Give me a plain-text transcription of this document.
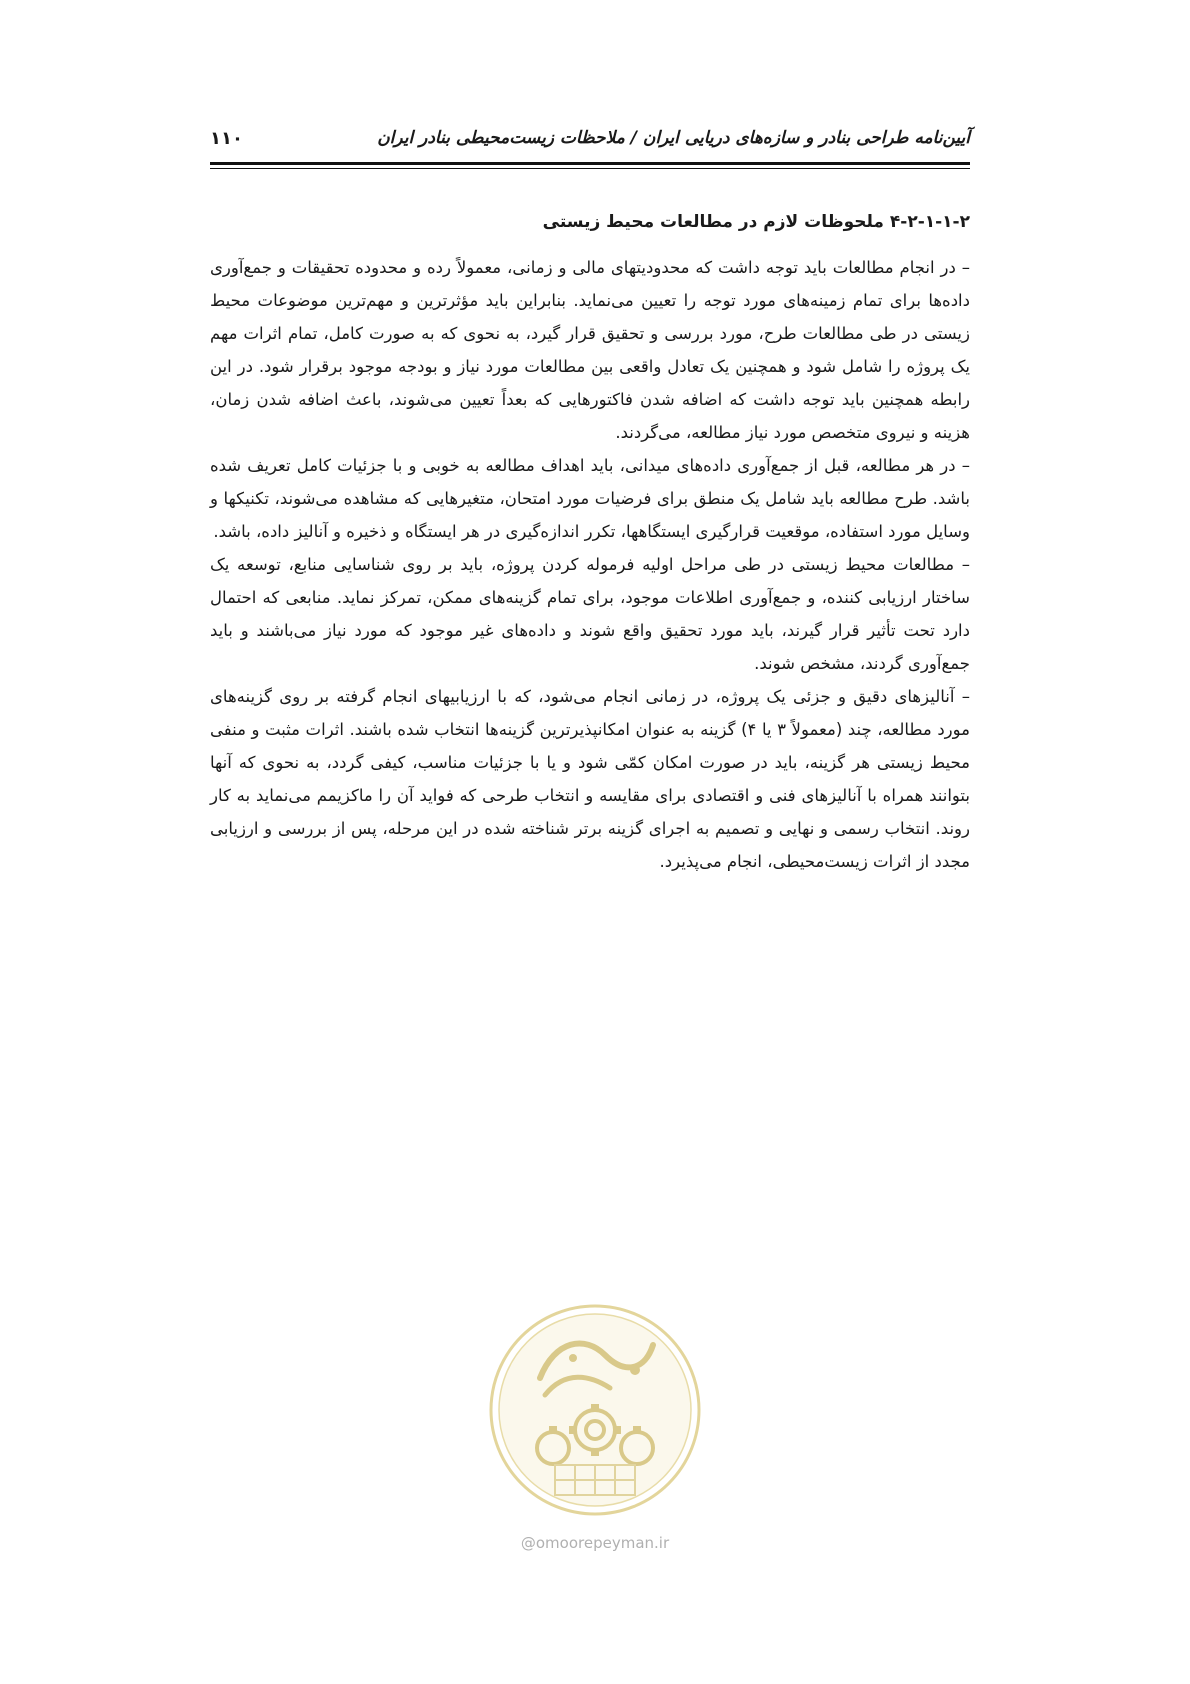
آیین‌نامه طراحی بنادر و سازه‌های دریایی ایران / ملاحظات زیست‌محیطی بنادر ایران
۱۱۰
۴-۲-۱-۱-۲ ملحوظات لازم در مطالعات محیط زیستی

– در انجام مطالعات باید توجه داشت که محدودیتهای مالی و زمانی، معمولاً رده و محدوده تحقیقات و جمع‌آوری داده‌ها برای تمام زمینه‌های مورد توجه را تعیین می‌نماید. بنابراین باید مؤثرترین و مهم‌ترین موضوعات محیط زیستی در طی مطالعات طرح، مورد بررسی و تحقیق قرار گیرد، به نحوی که به صورت کامل، تمام اثرات مهم یک پروژه را شامل شود و همچنین یک تعادل واقعی بین مطالعات مورد نیاز و بودجه موجود برقرار شود. در این رابطه همچنین باید توجه داشت که اضافه شدن فاکتورهایی که بعداً تعیین می‌شوند، باعث اضافه شدن زمان، هزینه و نیروی متخصص مورد نیاز مطالعه، می‌گردند.

– در هر مطالعه، قبل از جمع‌آوری داده‌های میدانی، باید اهداف مطالعه به خوبی و با جزئیات کامل تعریف شده باشد. طرح مطالعه باید شامل یک منطق برای فرضیات مورد امتحان، متغیرهایی که مشاهده می‌شوند، تکنیکها و وسایل مورد استفاده، موقعیت قرارگیری ایستگاهها، تکرر اندازه‌گیری در هر ایستگاه و ذخیره و آنالیز داده، باشد.

– مطالعات محیط زیستی در طی مراحل اولیه فرموله کردن پروژه، باید بر روی شناسایی منابع، توسعه یک ساختار ارزیابی کننده، و جمع‌آوری اطلاعات موجود، برای تمام گزینه‌های ممکن، تمرکز نماید. منابعی که احتمال دارد تحت تأثیر قرار گیرند، باید مورد تحقیق واقع شوند و داده‌های غیر موجود که مورد نیاز می‌باشند و باید جمع‌آوری گردند، مشخص شوند.

– آنالیزهای دقیق و جزئی یک پروژه، در زمانی انجام می‌شود، که با ارزیابیهای انجام گرفته بر روی گزینه‌های مورد مطالعه، چند (معمولاً ۳ یا ۴) گزینه به عنوان امکانپذیرترین گزینه‌ها انتخاب شده باشند. اثرات مثبت و منفی محیط زیستی هر گزینه، باید در صورت امکان کمّی شود و یا با جزئیات مناسب، کیفی گردد، به نحوی که آنها بتوانند همراه با آنالیزهای فنی و اقتصادی برای مقایسه و انتخاب طرحی که فواید آن را ماکزیمم می‌نماید به کار روند. انتخاب رسمی و نهایی و تصمیم به اجرای گزینه برتر شناخته شده در این مرحله، پس از بررسی و ارزیابی مجدد از اثرات زیست‌محیطی، انجام می‌پذیرد.

@omoorepeyman.ir
